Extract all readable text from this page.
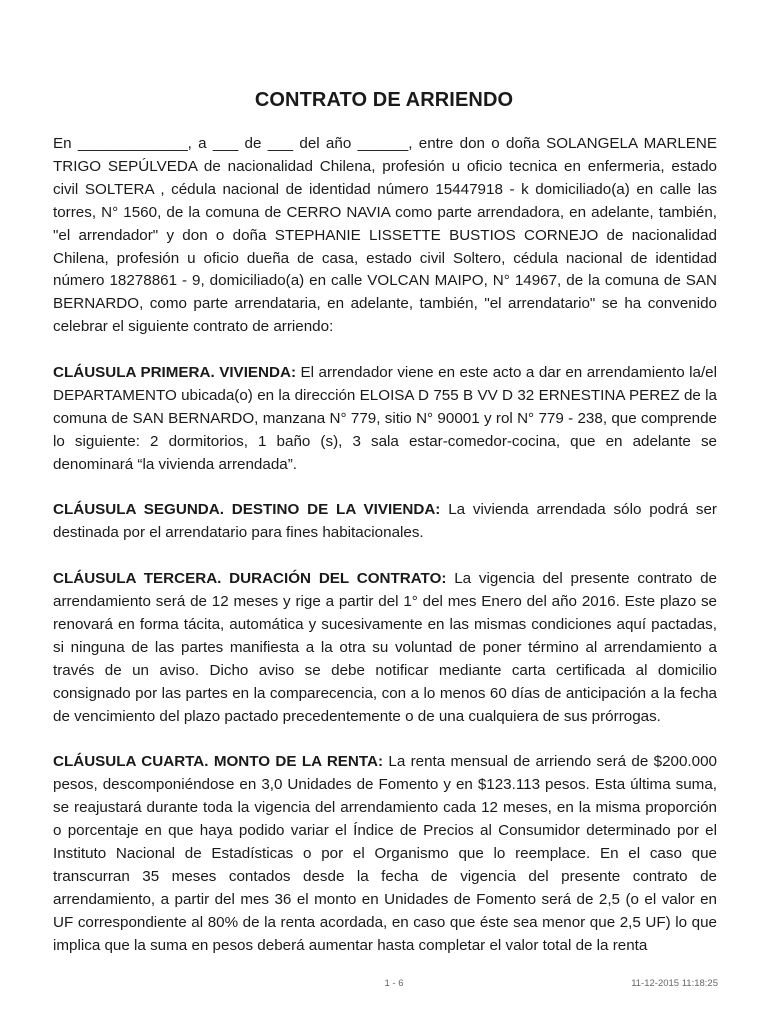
CONTRATO DE ARRIENDO

En _____________, a ___ de ___ del año ______, entre don o doña SOLANGELA MARLENE TRIGO SEPÚLVEDA de nacionalidad Chilena, profesión u oficio tecnica en enfermeria, estado civil SOLTERA , cédula nacional de identidad número 15447918 - k domiciliado(a) en calle las torres, N° 1560, de la comuna de CERRO NAVIA como parte arrendadora, en adelante, también, "el arrendador" y don o doña STEPHANIE LISSETTE BUSTIOS CORNEJO de nacionalidad Chilena, profesión u oficio dueña de casa, estado civil Soltero, cédula nacional de identidad número 18278861 - 9, domiciliado(a) en calle VOLCAN MAIPO, N° 14967, de la comuna de SAN BERNARDO, como parte arrendataria, en adelante, también, "el arrendatario" se ha convenido celebrar el siguiente contrato de arriendo:

CLÁUSULA PRIMERA. VIVIENDA: El arrendador viene en este acto a dar en arrendamiento la/el DEPARTAMENTO ubicada(o) en la dirección ELOISA D 755 B VV D 32 ERNESTINA PEREZ de la comuna de SAN BERNARDO, manzana N° 779, sitio N° 90001 y rol N° 779 - 238, que comprende lo siguiente: 2 dormitorios, 1 baño (s), 3 sala estar-comedor-cocina, que en adelante se denominará “la vivienda arrendada”.

CLÁUSULA SEGUNDA. DESTINO DE LA VIVIENDA: La vivienda arrendada sólo podrá ser destinada por el arrendatario para fines habitacionales.

CLÁUSULA TERCERA. DURACIÓN DEL CONTRATO: La vigencia del presente contrato de arrendamiento será de 12 meses y rige a partir del 1° del mes Enero del año 2016. Este plazo se renovará en forma tácita, automática y sucesivamente en las mismas condiciones aquí pactadas, si ninguna de las partes manifiesta a la otra su voluntad de poner término al arrendamiento a través de un aviso. Dicho aviso se debe notificar mediante carta certificada al domicilio consignado por las partes en la comparecencia, con a lo menos 60 días de anticipación a la fecha de vencimiento del plazo pactado precedentemente o de una cualquiera de sus prórrogas.

CLÁUSULA CUARTA. MONTO DE LA RENTA: La renta mensual de arriendo será de $200.000 pesos, descomponiéndose en 3,0 Unidades de Fomento y en $123.113 pesos. Esta última suma, se reajustará durante toda la vigencia del arrendamiento cada 12 meses, en la misma proporción o porcentaje en que haya podido variar el Índice de Precios al Consumidor determinado por el Instituto Nacional de Estadísticas o por el Organismo que lo reemplace. En el caso que transcurran 35 meses contados desde la fecha de vigencia del presente contrato de arrendamiento, a partir del mes 36 el monto en Unidades de Fomento será de 2,5 (o el valor en UF correspondiente al 80% de la renta acordada, en caso que éste sea menor que 2,5 UF) lo que implica que la suma en pesos deberá aumentar hasta completar el valor total de la renta

1 - 6	11-12-2015 11:18:25
